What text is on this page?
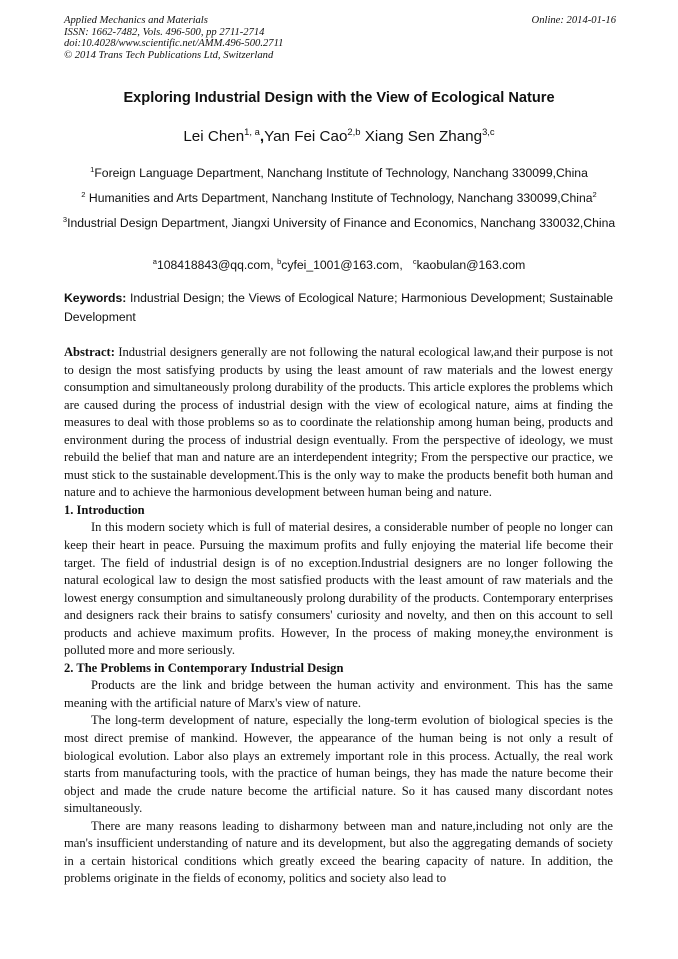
Applied Mechanics and Materials
ISSN: 1662-7482, Vols. 496-500, pp 2711-2714
doi:10.4028/www.scientific.net/AMM.496-500.2711
© 2014 Trans Tech Publications Ltd, Switzerland
Online: 2014-01-16
Exploring Industrial Design with the View of Ecological Nature
Lei Chen$^{1, a}$,Yan Fei Cao$^{2,b}$ Xiang Sen Zhang$^{3,c}$
$^1$Foreign Language Department, Nanchang Institute of Technology, Nanchang 330099,China
$^2$ Humanities and Arts Department, Nanchang Institute of Technology, Nanchang 330099,China$^2$
$^3$Industrial Design Department, Jiangxi University of Finance and Economics, Nanchang 330032,China
$^a$108418843@qq.com, $^b$cyfei_1001@163.com,   $^c$kaobulan@163.com
Keywords: Industrial Design; the Views of Ecological Nature; Harmonious Development; Sustainable Development

Abstract: Industrial designers generally are not following the natural ecological law,and their purpose is not to design the most satisfying products by using the least amount of raw materials and the lowest energy consumption and simultaneously prolong durability of the products. This article explores the problems which are caused during the process of industrial design with the view of ecological nature, aims at finding the measures to deal with those problems so as to coordinate the relationship among human being, products and environment during the process of industrial design eventually. From the perspective of ideology, we must rebuild the belief that man and nature are an interdependent integrity; From the perspective our practice, we must stick to the sustainable development.This is the only way to make the products benefit both human and nature and to achieve the harmonious development between human being and nature.

1. Introduction

In this modern society which is full of material desires, a considerable number of people no longer can keep their heart in peace. Pursuing the maximum profits and fully enjoying the material life become their target. The field of industrial design is of no exception.Industrial designers are no longer following the natural ecological law to design the most satisfied products with the least amount of raw materials and the lowest energy consumption and simultaneously prolong durability of the products. Contemporary enterprises and designers rack their brains to satisfy consumers' curiosity and novelty, and then on this account to sell products and achieve maximum profits. However, In the process of making money,the environment is polluted more and more seriously.

2. The Problems in Contemporary Industrial Design

Products are the link and bridge between the human activity and environment. This has the same meaning with the artificial nature of Marx's view of nature.

The long-term development of nature, especially the long-term evolution of biological species is the most direct premise of mankind. However, the appearance of the human being is not only a result of biological evolution. Labor also plays an extremely important role in this process. Actually, the real work starts from manufacturing tools, with the practice of human beings, they has made the nature become their object and made the crude nature become the artificial nature. So it has caused many discordant notes simultaneously.

There are many reasons leading to disharmony between man and nature,including not only are the man's insufficient understanding of nature and its development, but also the aggregating demands of society in a certain historical conditions which greatly exceed the bearing capacity of nature. In addition, the problems originate in the fields of economy, politics and society also lead to
